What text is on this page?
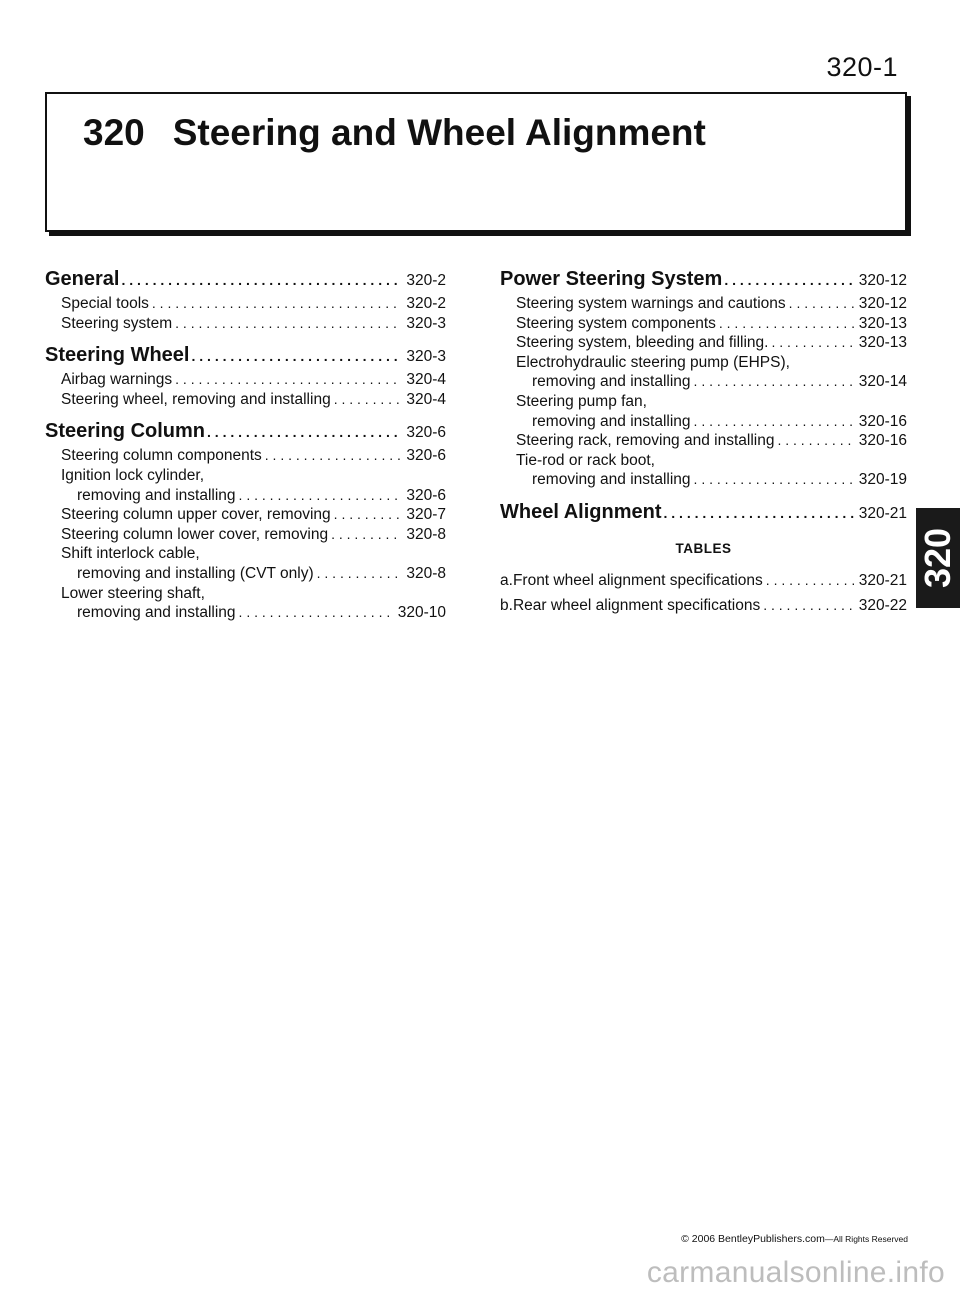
320-1
320 Steering and Wheel Alignment
General . . .	320-2
Special tools . . .	320-2
Steering system . . .	320-3
Steering Wheel . . .	320-3
Airbag warnings . . .	320-4
Steering wheel, removing and installing . . .	320-4
Steering Column . . .	320-6
Steering column components . . .	320-6
Ignition lock cylinder,
removing and installing . . .	320-6
Steering column upper cover, removing . . .	320-7
Steering column lower cover, removing . . .	320-8
Shift interlock cable,
removing and installing (CVT only) . . .	320-8
Lower steering shaft,
removing and installing . . .	320-10
Power Steering System . . .	320-12
Steering system warnings and cautions . . .	320-12
Steering system components . . .	320-13
Steering system, bleeding and filling. . . .	320-13
Electrohydraulic steering pump (EHPS),
removing and installing . . .	320-14
Steering pump fan,
removing and installing . . .	320-16
Steering rack, removing and installing . . .	320-16
Tie-rod or rack boot,
removing and installing . . .	320-19
Wheel Alignment . . .	320-21
TABLES
a. Front wheel alignment specifications . . .	320-21
b. Rear wheel alignment specifications . . .	320-22
320
© 2006 BentleyPublishers.com—All Rights Reserved
carmanualsonline.info
